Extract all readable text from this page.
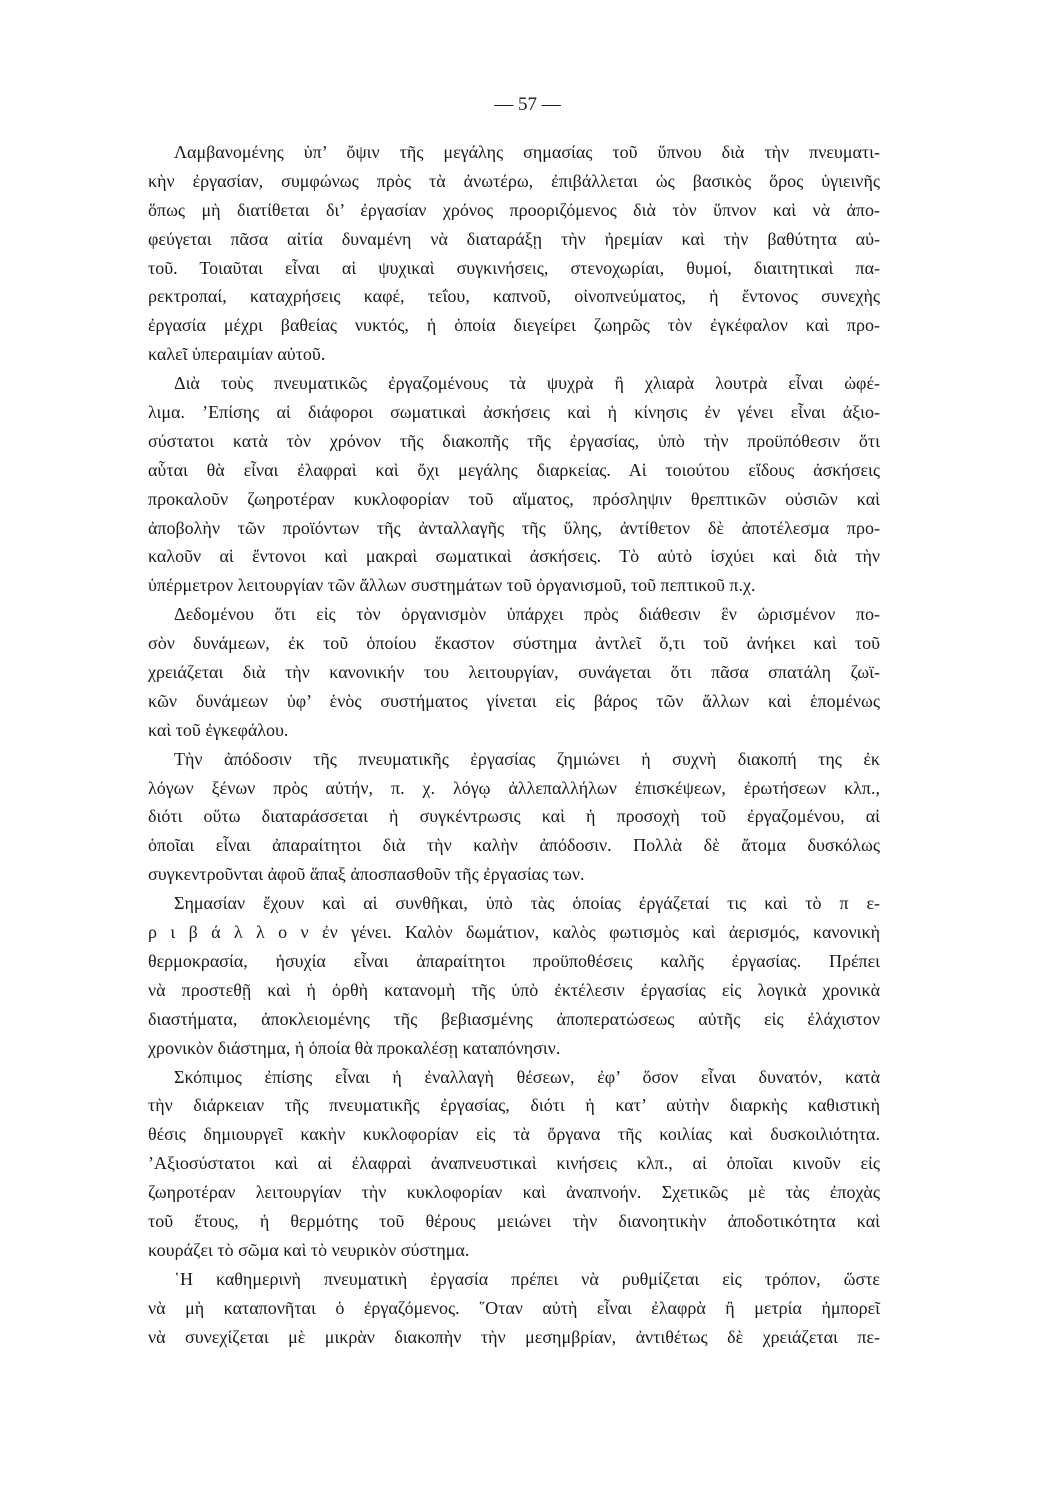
— 57 —
Λαμβανομένης ὑπ’ ὄψιν τῆς μεγάλης σημασίας τοῦ ὕπνου διὰ τὴν πνευματι-
κὴν ἐργασίαν, συμφώνως πρὸς τὰ ἀνωτέρω, ἐπιβάλλεται ὡς βασικὸς ὅρος ὑγιεινῆς
ὅπως μὴ διατίθεται δι’ ἐργασίαν χρόνος προοριζόμενος διὰ τὸν ὕπνον καὶ νὰ ἀπο-
φεύγεται πᾶσα αἰτία δυναμένη νὰ διαταράξῃ τὴν ἠρεμίαν καὶ τὴν βαθύτητα αὐ-
τοῦ. Τοιαῦται εἶναι αἱ ψυχικαὶ συγκινήσεις, στενοχωρίαι, θυμοί, διαιτητικαὶ πα-
ρεκτροπαί, καταχρήσεις καφέ, τεΐου, καπνοῦ, οἰνοπνεύματος, ἡ ἔντονος συνεχὴς
ἐργασία μέχρι βαθείας νυκτός, ἡ ὁποία διεγείρει ζωηρῶς τὸν ἐγκέφαλον καὶ προ-
καλεῖ ὑπεραιμίαν αὐτοῦ.
Διὰ τοὺς πνευματικῶς ἐργαζομένους τὰ ψυχρὰ ἢ χλιαρὰ λουτρὰ εἶναι ὠφέ-
λιμα. ’Επίσης αἱ διάφοροι σωματικαὶ ἀσκήσεις καὶ ἡ κίνησις ἐν γένει εἶναι ἀξιο-
σύστατοι κατὰ τὸν χρόνον τῆς διακοπῆς τῆς ἐργασίας, ὑπὸ τὴν προϋπόθεσιν ὅτι
αὗται θὰ εἶναι ἐλαφραὶ καὶ ὄχι μεγάλης διαρκείας. Αἱ τοιούτου εἴδους ἀσκήσεις
προκαλοῦν ζωηροτέραν κυκλοφορίαν τοῦ αἵματος, πρόσληψιν θρεπτικῶν οὐσιῶν καὶ
ἀποβολὴν τῶν προϊόντων τῆς ἀνταλλαγῆς τῆς ὕλης, ἀντίθετον δὲ ἀποτέλεσμα προ-
καλοῦν αἱ ἔντονοι καὶ μακραὶ σωματικαὶ ἀσκήσεις. Τὸ αὐτὸ ἰσχύει καὶ διὰ τὴν
ὑπέρμετρον λειτουργίαν τῶν ἄλλων συστημάτων τοῦ ὀργανισμοῦ, τοῦ πεπτικοῦ π.χ.
Δεδομένου ὅτι εἰς τὸν ὀργανισμὸν ὑπάρχει πρὸς διάθεσιν ἓν ὡρισμένον πο-
σὸν δυνάμεων, ἐκ τοῦ ὁποίου ἕκαστον σύστημα ἀντλεῖ ὅ,τι τοῦ ἀνήκει καὶ τοῦ
χρειάζεται διὰ τὴν κανονικήν του λειτουργίαν, συνάγεται ὅτι πᾶσα σπατάλη ζωϊ-
κῶν δυνάμεων ὑφ’ ἑνὸς συστήματος γίνεται εἰς βάρος τῶν ἄλλων καὶ ἑπομένως
καὶ τοῦ ἐγκεφάλου.
Τὴν ἀπόδοσιν τῆς πνευματικῆς ἐργασίας ζημιώνει ἡ συχνὴ διακοπή της ἐκ
λόγων ξένων πρὸς αὐτήν, π. χ. λόγῳ ἀλλεπαλλήλων ἐπισκέψεων, ἐρωτήσεων κλπ.,
διότι οὕτω διαταράσσεται ἡ συγκέντρωσις καὶ ἡ προσοχὴ τοῦ ἐργαζομένου, αἱ
ὁποῖαι εἶναι ἀπαραίτητοι διὰ τὴν καλὴν ἀπόδοσιν. Πολλὰ δὲ ἄτομα δυσκόλως
συγκεντροῦνται ἀφοῦ ἅπαξ ἀποσπασθοῦν τῆς ἐργασίας των.
Σημασίαν ἔχουν καὶ αἱ συνθῆκαι, ὑπὸ τὰς ὁποίας ἐργάζεταί τις καὶ τὸ π ε-
ρ ι β ά λ λ ο ν ἐν γένει. Καλὸν δωμάτιον, καλὸς φωτισμὸς καὶ ἀερισμός, κανονικὴ
θερμοκρασία, ἡσυχία εἶναι ἀπαραίτητοι προϋποθέσεις καλῆς ἐργασίας. Πρέπει
νὰ προστεθῇ καὶ ἡ ὀρθὴ κατανομὴ τῆς ὑπὸ ἐκτέλεσιν ἐργασίας εἰς λογικὰ χρονικὰ
διαστήματα, ἀποκλειομένης τῆς βεβιασμένης ἀποπερατώσεως αὐτῆς εἰς ἐλάχιστον
χρονικὸν διάστημα, ἡ ὁποία θὰ προκαλέσῃ καταπόνησιν.
Σκόπιμος ἐπίσης εἶναι ἡ ἐναλλαγὴ θέσεων, ἐφ’ ὅσον εἶναι δυνατόν, κατὰ
τὴν διάρκειαν τῆς πνευματικῆς ἐργασίας, διότι ἡ κατ’ αὐτὴν διαρκὴς καθιστικὴ
θέσις δημιουργεῖ κακὴν κυκλοφορίαν εἰς τὰ ὄργανα τῆς κοιλίας καὶ δυσκοιλιότητα.
’Αξιοσύστατοι καὶ αἱ ἐλαφραὶ ἀναπνευστικαὶ κινήσεις κλπ., αἱ ὁποῖαι κινοῦν εἰς
ζωηροτέραν λειτουργίαν τὴν κυκλοφορίαν καὶ ἀναπνοήν. Σχετικῶς μὲ τὰς ἐποχὰς
τοῦ ἔτους, ἡ θερμότης τοῦ θέρους μειώνει τὴν διανοητικὴν ἀποδοτικότητα καὶ
κουράζει τὸ σῶμα καὶ τὸ νευρικὸν σύστημα.
῾Η καθημερινὴ πνευματικὴ ἐργασία πρέπει νὰ ρυθμίζεται εἰς τρόπον, ὥστε
νὰ μὴ καταπονῆται ὁ ἐργαζόμενος. ῞Οταν αὐτὴ εἶναι ἐλαφρὰ ἢ μετρία ἠμπορεῖ
νὰ συνεχίζεται μὲ μικρὰν διακοπὴν τὴν μεσημβρίαν, ἀντιθέτως δὲ χρειάζεται πε-
